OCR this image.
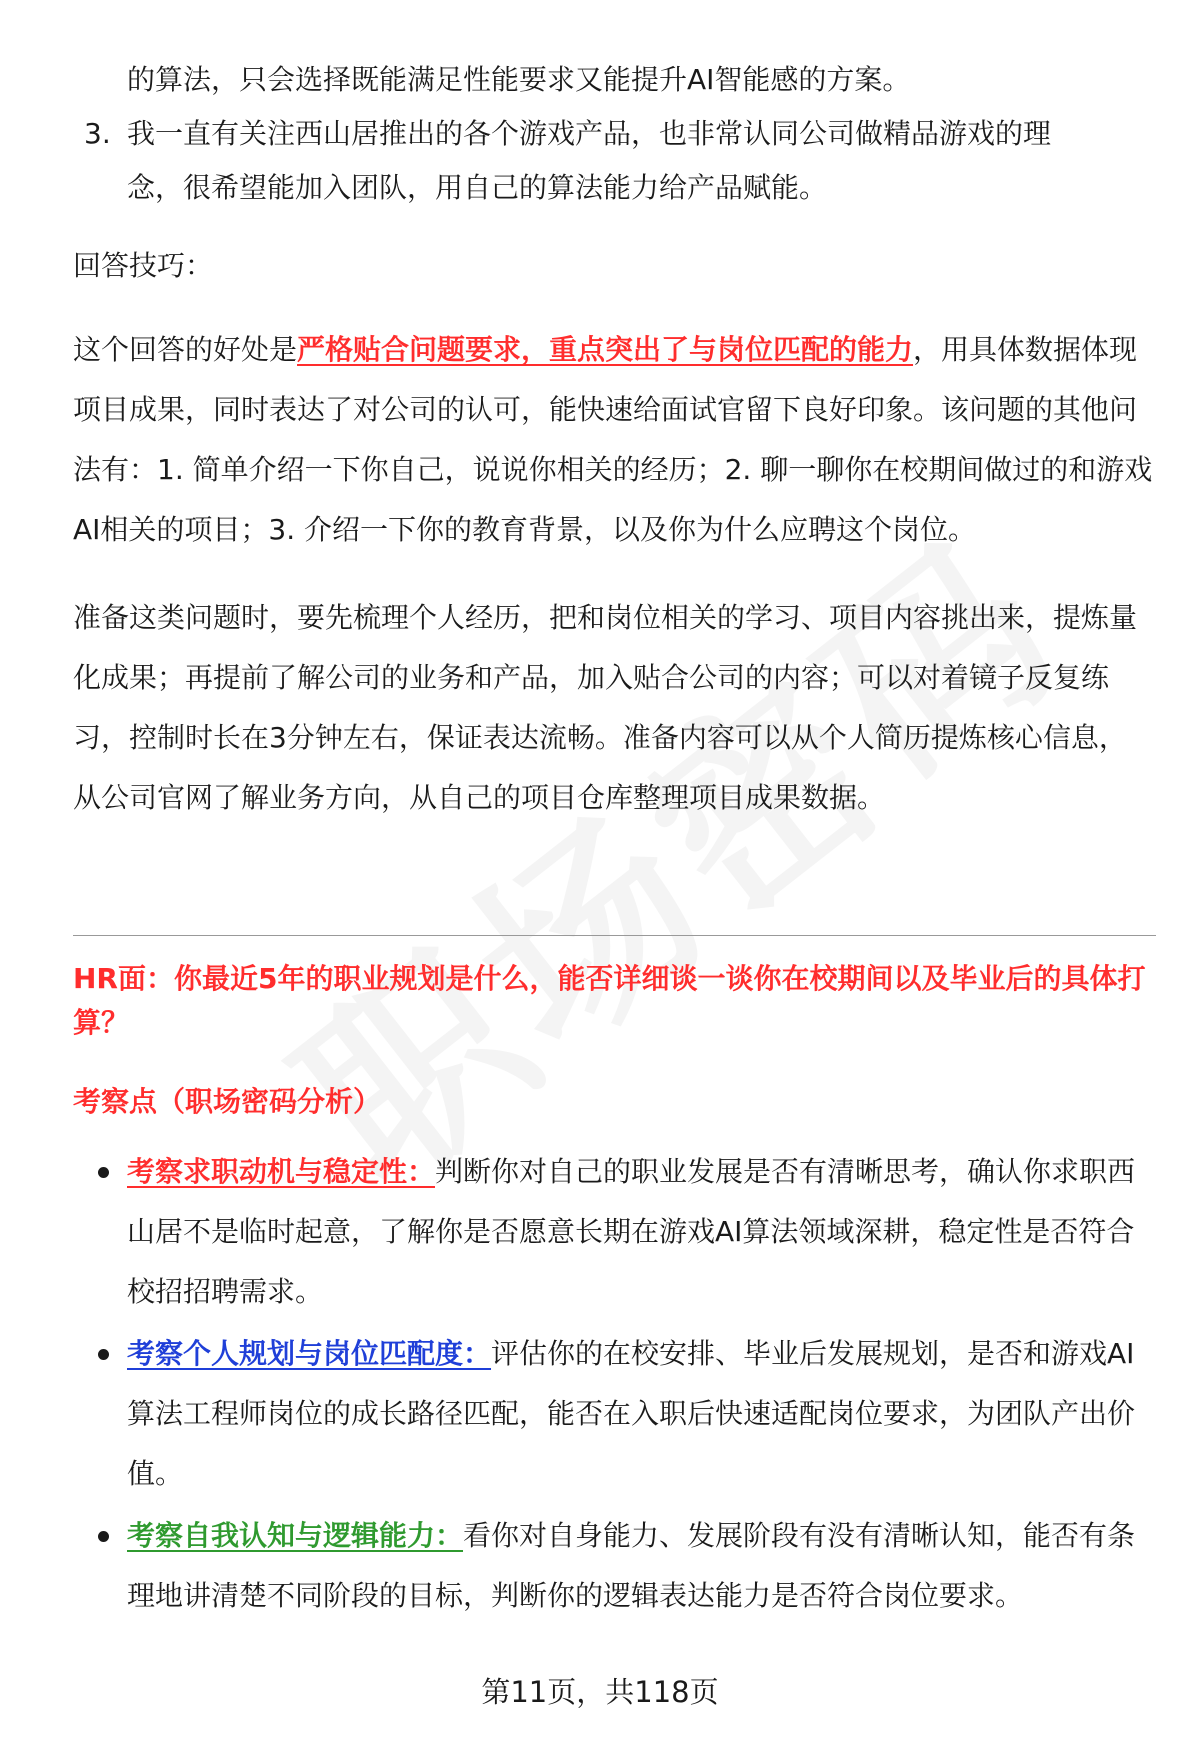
的算法，只会选择既能满足性能要求又能提升AI智能感的方案。

3. 我一直有关注西山居推出的各个游戏产品，也非常认同公司做精品游戏的理

念，很希望能加入团队，用自己的算法能力给产品赋能。

回答技巧：

这个回答的好处是严格贴合问题要求，重点突出了与岗位匹配的能力，用具体数据体现项目成果，同时表达了对公司的认可，能快速给面试官留下良好印象。该问题的其他问法有：1. 简单介绍一下你自己，说说你相关的经历；2. 聊一聊你在校期间做过的和游戏AI相关的项目；3. 介绍一下你的教育背景，以及你为什么应聘这个岗位。

准备这类问题时，要先梳理个人经历，把和岗位相关的学习、项目内容挑出来，提炼量化成果；再提前了解公司的业务和产品，加入贴合公司的内容；可以对着镜子反复练习，控制时长在3分钟左右，保证表达流畅。准备内容可以从个人简历提炼核心信息，从公司官网了解业务方向，从自己的项目仓库整理项目成果数据。

HR面：你最近5年的职业规划是什么，能否详细谈一谈你在校期间以及毕业后的具体打算？

考察点（职场密码分析）

考察求职动机与稳定性：判断你对自己的职业发展是否有清晰思考，确认你求职西山居不是临时起意，了解你是否愿意长期在游戏AI算法领域深耕，稳定性是否符合校招招聘需求。

考察个人规划与岗位匹配度：评估你的在校安排、毕业后发展规划，是否和游戏AI算法工程师岗位的成长路径匹配，能否在入职后快速适配岗位要求，为团队产出价值。

考察自我认知与逻辑能力：看你对自身能力、发展阶段有没有清晰认知，能否有条理地讲清楚不同阶段的目标，判断你的逻辑表达能力是否符合岗位要求。

第11页，共118页
